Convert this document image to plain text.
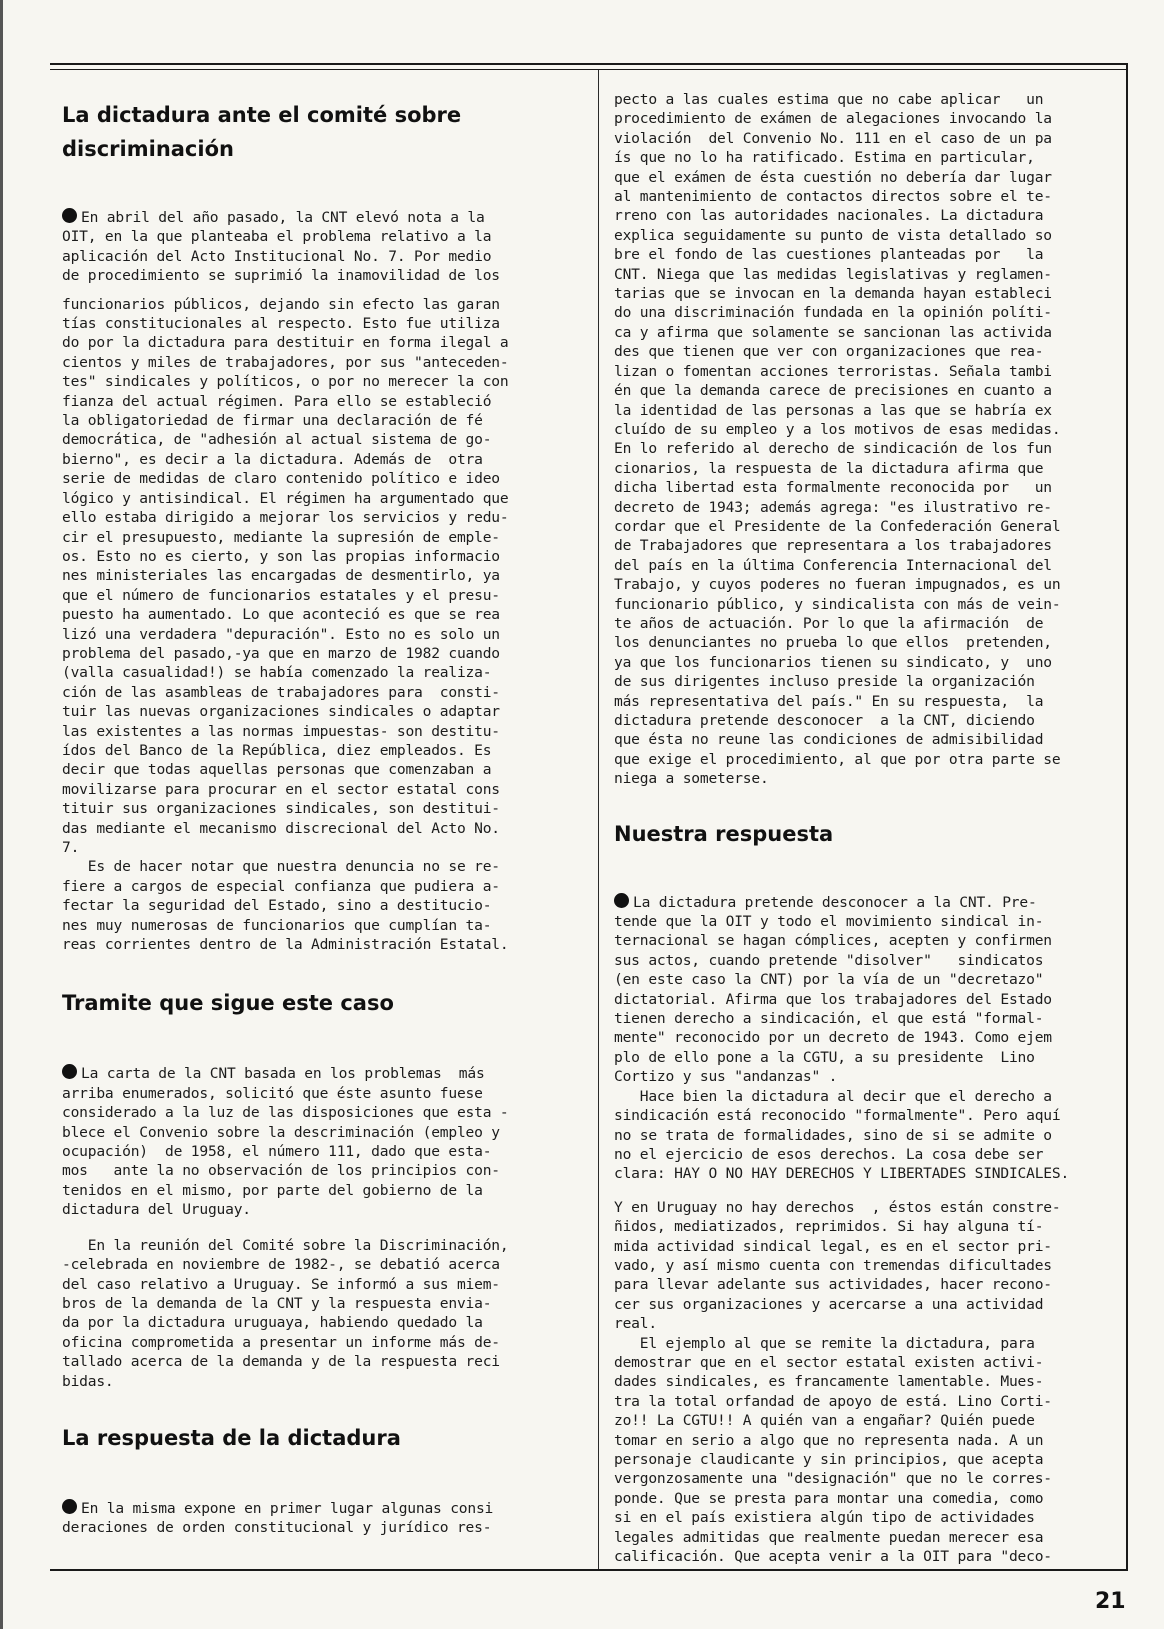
La dictadura ante el comité sobre
discriminación

En abril del año pasado, la CNT elevó nota a la
OIT, en la que planteaba el problema relativo a la
aplicación del Acto Institucional No. 7. Por medio
de procedimiento se suprimió la inamovilidad de los

funcionarios públicos, dejando sin efecto las garan
tías constitucionales al respecto. Esto fue utiliza
do por la dictadura para destituir en forma ilegal a
cientos y miles de trabajadores, por sus "anteceden-
tes" sindicales y políticos, o por no merecer la con
fianza del actual régimen. Para ello se estableció
la obligatoriedad de firmar una declaración de fé
democrática, de "adhesión al actual sistema de go-
bierno", es decir a la dictadura. Además de  otra
serie de medidas de claro contenido político e ideo
lógico y antisindical. El régimen ha argumentado que
ello estaba dirigido a mejorar los servicios y redu-
cir el presupuesto, mediante la supresión de emple-
os. Esto no es cierto, y son las propias informacio
nes ministeriales las encargadas de desmentirlo, ya
que el número de funcionarios estatales y el presu-
puesto ha aumentado. Lo que aconteció es que se rea
lizó una verdadera "depuración". Esto no es solo un
problema del pasado,-ya que en marzo de 1982 cuando
(valla casualidad!) se había comenzado la realiza-
ción de las asambleas de trabajadores para  consti-
tuir las nuevas organizaciones sindicales o adaptar
las existentes a las normas impuestas- son destitu-
ídos del Banco de la República, diez empleados. Es
decir que todas aquellas personas que comenzaban a
movilizarse para procurar en el sector estatal cons
tituir sus organizaciones sindicales, son destitui-
das mediante el mecanismo discrecional del Acto No.
7.
Es de hacer notar que nuestra denuncia no se re-
fiere a cargos de especial confianza que pudiera a-
fectar la seguridad del Estado, sino a destitucio-
nes muy numerosas de funcionarios que cumplían ta-
reas corrientes dentro de la Administración Estatal.

Tramite que sigue este caso

La carta de la CNT basada en los problemas  más
arriba enumerados, solicitó que éste asunto fuese
considerado a la luz de las disposiciones que esta -
blece el Convenio sobre la descriminación (empleo y
ocupación)  de 1958, el número 111, dado que esta-
mos   ante la no observación de los principios con-
tenidos en el mismo, por parte del gobierno de la
dictadura del Uruguay.

En la reunión del Comité sobre la Discriminación,
-celebrada en noviembre de 1982-, se debatió acerca
del caso relativo a Uruguay. Se informó a sus miem-
bros de la demanda de la CNT y la respuesta envia-
da por la dictadura uruguaya, habiendo quedado la
oficina comprometida a presentar un informe más de-
tallado acerca de la demanda y de la respuesta reci
bidas.

La respuesta de la dictadura

En la misma expone en primer lugar algunas consi
deraciones de orden constitucional y jurídico res-

pecto a las cuales estima que no cabe aplicar   un
procedimiento de exámen de alegaciones invocando la
violación  del Convenio No. 111 en el caso de un pa
ís que no lo ha ratificado. Estima en particular,
que el exámen de ésta cuestión no debería dar lugar
al mantenimiento de contactos directos sobre el te-
rreno con las autoridades nacionales. La dictadura
explica seguidamente su punto de vista detallado so
bre el fondo de las cuestiones planteadas por   la
CNT. Niega que las medidas legislativas y reglamen-
tarias que se invocan en la demanda hayan estableci
do una discriminación fundada en la opinión políti-
ca y afirma que solamente se sancionan las activida
des que tienen que ver con organizaciones que rea-
lizan o fomentan acciones terroristas. Señala tambi
én que la demanda carece de precisiones en cuanto a
la identidad de las personas a las que se habría ex
cluído de su empleo y a los motivos de esas medidas.
En lo referido al derecho de sindicación de los fun
cionarios, la respuesta de la dictadura afirma que
dicha libertad esta formalmente reconocida por   un
decreto de 1943; además agrega: "es ilustrativo re-
cordar que el Presidente de la Confederación General
de Trabajadores que representara a los trabajadores
del país en la última Conferencia Internacional del
Trabajo, y cuyos poderes no fueran impugnados, es un
funcionario público, y sindicalista con más de vein-
te años de actuación. Por lo que la afirmación  de
los denunciantes no prueba lo que ellos  pretenden,
ya que los funcionarios tienen su sindicato, y  uno
de sus dirigentes incluso preside la organización
más representativa del país." En su respuesta,  la
dictadura pretende desconocer  a la CNT, diciendo
que ésta no reune las condiciones de admisibilidad
que exige el procedimiento, al que por otra parte se
niega a someterse.

Nuestra respuesta

La dictadura pretende desconocer a la CNT. Pre-
tende que la OIT y todo el movimiento sindical in-
ternacional se hagan cómplices, acepten y confirmen
sus actos, cuando pretende "disolver"   sindicatos
(en este caso la CNT) por la vía de un "decretazo"
dictatorial. Afirma que los trabajadores del Estado
tienen derecho a sindicación, el que está "formal-
mente" reconocido por un decreto de 1943. Como ejem
plo de ello pone a la CGTU, a su presidente  Lino
Cortizo y sus "andanzas" .
Hace bien la dictadura al decir que el derecho a
sindicación está reconocido "formalmente". Pero aquí
no se trata de formalidades, sino de si se admite o
no el ejercicio de esos derechos. La cosa debe ser
clara: HAY O NO HAY DERECHOS Y LIBERTADES SINDICALES.

Y en Uruguay no hay derechos  , éstos están constre-
ñidos, mediatizados, reprimidos. Si hay alguna tí-
mida actividad sindical legal, es en el sector pri-
vado, y así mismo cuenta con tremendas dificultades
para llevar adelante sus actividades, hacer recono-
cer sus organizaciones y acercarse a una actividad
real.
El ejemplo al que se remite la dictadura, para
demostrar que en el sector estatal existen activi-
dades sindicales, es francamente lamentable. Mues-
tra la total orfandad de apoyo de está. Lino Corti-
zo!! La CGTU!! A quién van a engañar? Quién puede
tomar en serio a algo que no representa nada. A un
personaje claudicante y sin principios, que acepta
vergonzosamente una "designación" que no le corres-
ponde. Que se presta para montar una comedia, como
si en el país existiera algún tipo de actividades
legales admitidas que realmente puedan merecer esa
calificación. Que acepta venir a la OIT para "deco-

21
